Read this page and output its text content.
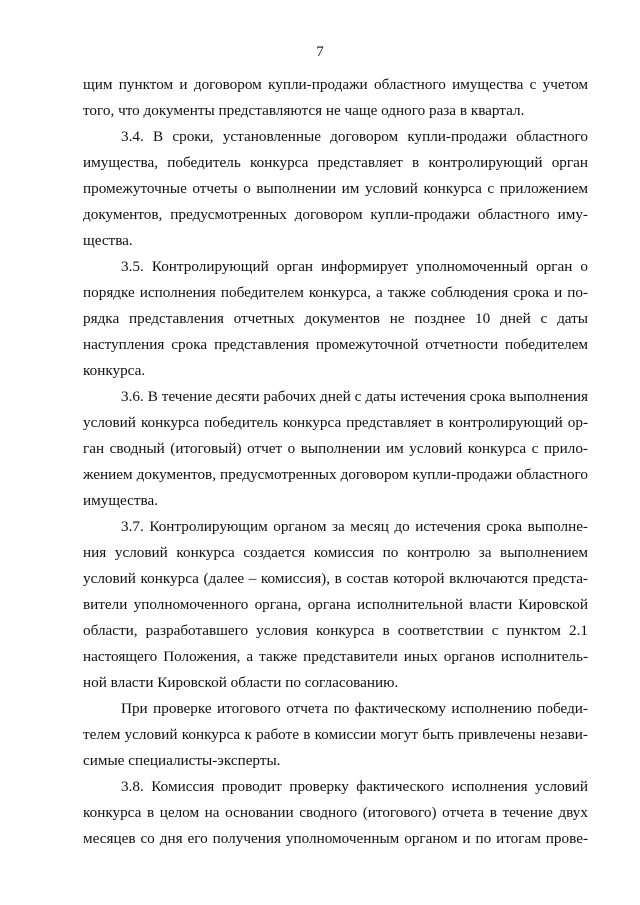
7
щим пунктом и договором купли-продажи областного имущества с учетом
того, что документы представляются не чаще одного раза в квартал.
3.4. В сроки, установленные договором купли-продажи областного
имущества, победитель конкурса представляет в контролирующий орган
промежуточные отчеты о выполнении им условий конкурса с приложением
документов, предусмотренных договором купли-продажи областного иму-
щества.
3.5. Контролирующий орган информирует уполномоченный орган о
порядке исполнения победителем конкурса, а также соблюдения срока и по-
рядка представления отчетных документов не позднее 10 дней с даты
наступления срока представления промежуточной отчетности победителем
конкурса.
3.6. В течение десяти рабочих дней с даты истечения срока выполнения
условий конкурса победитель конкурса представляет в контролирующий ор-
ган сводный (итоговый) отчет о выполнении им условий конкурса с прило-
жением документов, предусмотренных договором купли-продажи областного
имущества.
3.7. Контролирующим органом за месяц до истечения срока выполне-
ния условий конкурса создается комиссия по контролю за выполнением
условий конкурса (далее – комиссия), в состав которой включаются предста-
вители уполномоченного органа, органа исполнительной власти Кировской
области, разработавшего условия конкурса в соответствии с пунктом 2.1
настоящего Положения, а также представители иных органов исполнитель-
ной власти Кировской области по согласованию.
При проверке итогового отчета по фактическому исполнению победи-
телем условий конкурса к работе в комиссии могут быть привлечены незави-
симые специалисты-эксперты.
3.8. Комиссия проводит проверку фактического исполнения условий
конкурса в целом на основании сводного (итогового) отчета в течение двух
месяцев со дня его получения уполномоченным органом и по итогам прове-
